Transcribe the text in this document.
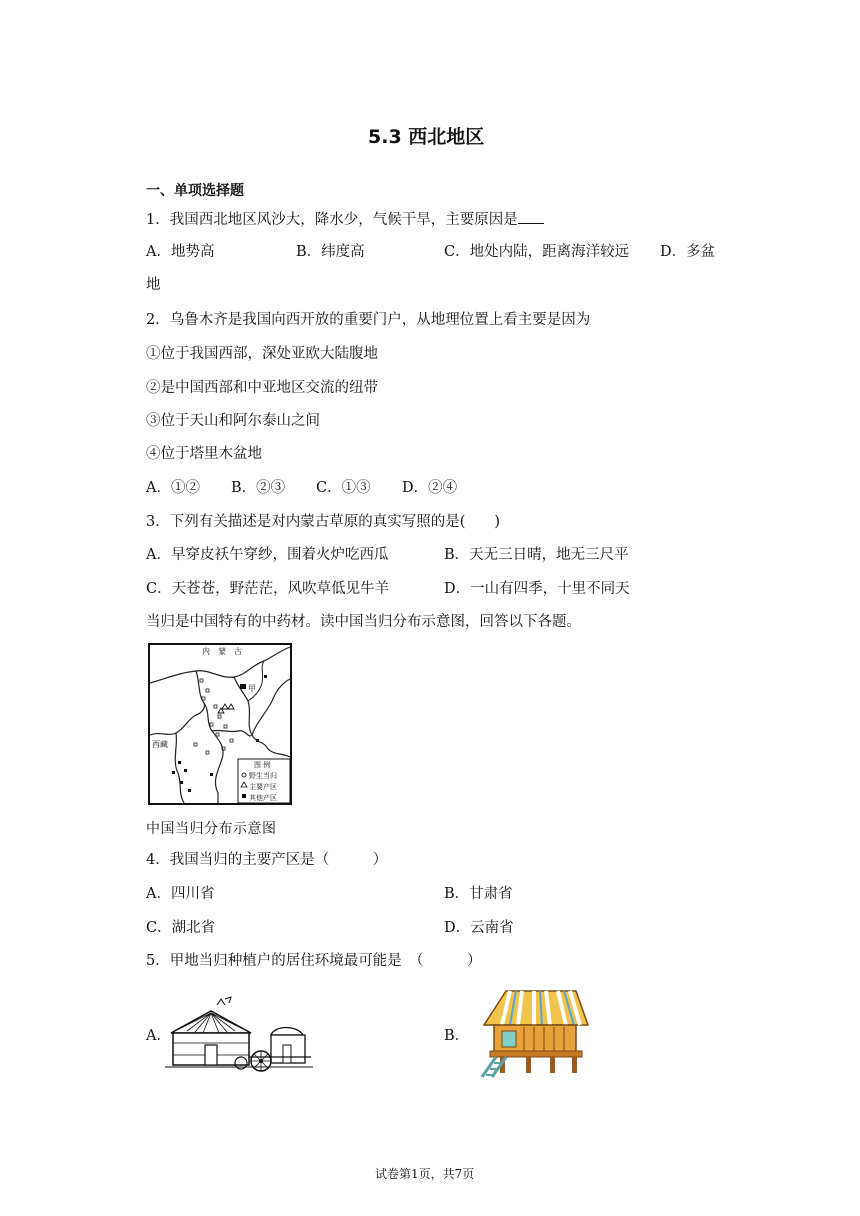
5.3 西北地区
一、单项选择题
1．我国西北地区风沙大，降水少，气候干旱，主要原因是
A．地势高	B．纬度高	C．地处内陆，距离海洋较远 D．多盆
地
2．乌鲁木齐是我国向西开放的重要门户，从地理位置上看主要是因为
①位于我国西部，深处亚欧大陆腹地
②是中国西部和中亚地区交流的纽带
③位于天山和阿尔泰山之间
④位于塔里木盆地
A．①② B．②③ C．①③ D．②④
3．下列有关描述是对内蒙古草原的真实写照的是(　　)
A．早穿皮袄午穿纱，围着火炉吃西瓜	B．天无三日晴，地无三尺平
C．天苍苍，野茫茫，风吹草低见牛羊	D．一山有四季，十里不同天
当归是中国特有的中药材。读中国当归分布示意图，回答以下各题。
内　蒙　古
甲
西藏
图 例
野生当归
主要产区
其他产区
中国当归分布示意图
4．我国当归的主要产区是（　　　）
A．四川省	B．甘肃省
C．湖北省	D．云南省
5．甲地当归种植户的居住环境最可能是　（　　　）
A．	B．
试卷第1页，共7页
